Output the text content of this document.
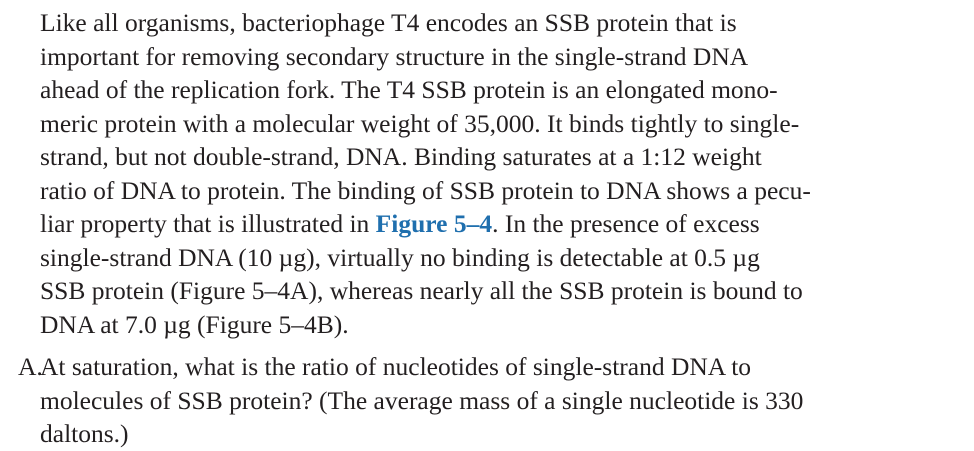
Like all organisms, bacteriophage T4 encodes an SSB protein that is
important for removing secondary structure in the single-strand DNA
ahead of the replication fork. The T4 SSB protein is an elongated mono-
meric protein with a molecular weight of 35,000. It binds tightly to single-
strand, but not double-strand, DNA. Binding saturates at a 1:12 weight
ratio of DNA to protein. The binding of SSB protein to DNA shows a pecu-
liar property that is illustrated in Figure 5–4. In the presence of excess
single-strand DNA (10 µg), virtually no binding is detectable at 0.5 µg
SSB protein (Figure 5–4A), whereas nearly all the SSB protein is bound to
DNA at 7.0 µg (Figure 5–4B).

A.
At saturation, what is the ratio of nucleotides of single-strand DNA to
molecules of SSB protein? (The average mass of a single nucleotide is 330
daltons.)
